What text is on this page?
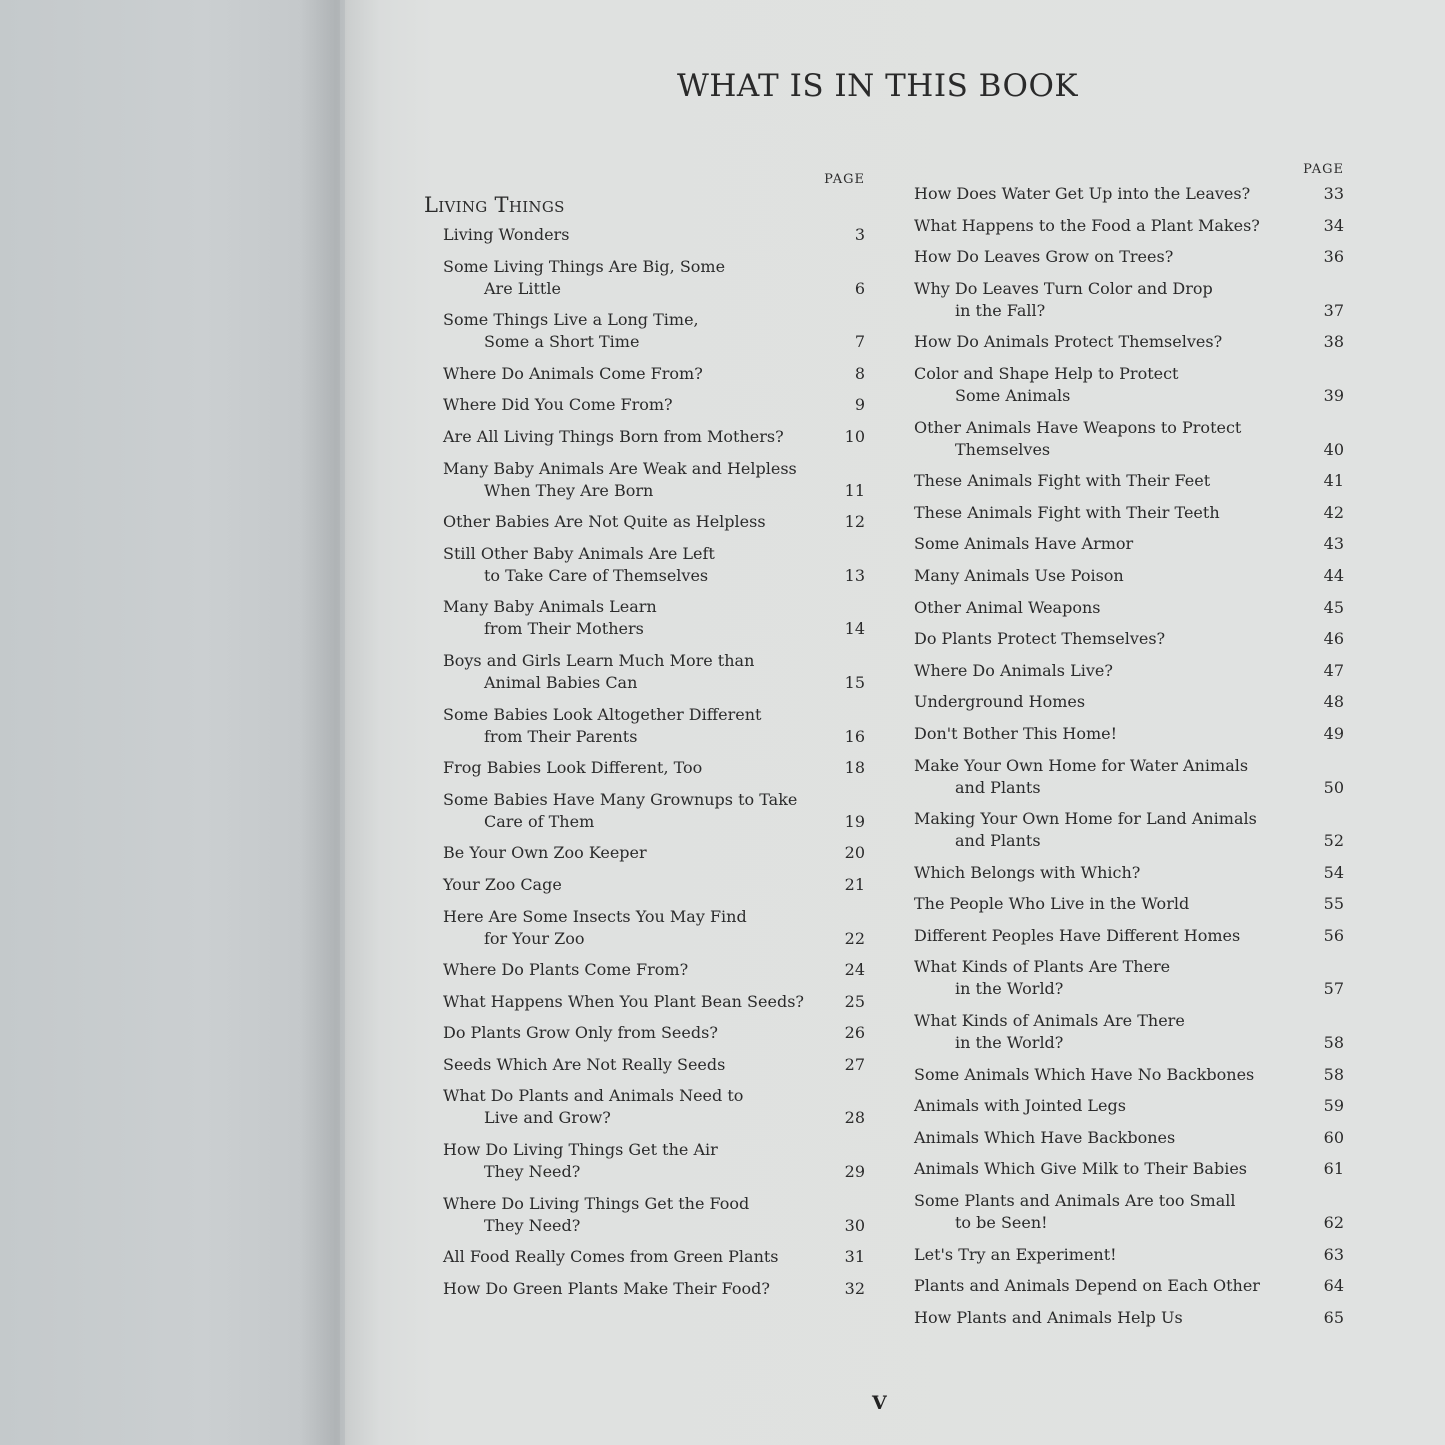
WHAT IS IN THIS BOOK
PAGE
Living Things
Living Wonders	3
Some Living Things Are Big, Some
Are Little	6
Some Things Live a Long Time,
Some a Short Time	7
Where Do Animals Come From?	8
Where Did You Come From?	9
Are All Living Things Born from Mothers?	10
Many Baby Animals Are Weak and Helpless
When They Are Born	11
Other Babies Are Not Quite as Helpless	12
Still Other Baby Animals Are Left
to Take Care of Themselves	13
Many Baby Animals Learn
from Their Mothers	14
Boys and Girls Learn Much More than
Animal Babies Can	15
Some Babies Look Altogether Different
from Their Parents	16
Frog Babies Look Different, Too	18
Some Babies Have Many Grownups to Take
Care of Them	19
Be Your Own Zoo Keeper	20
Your Zoo Cage	21
Here Are Some Insects You May Find
for Your Zoo	22
Where Do Plants Come From?	24
What Happens When You Plant Bean Seeds?	25
Do Plants Grow Only from Seeds?	26
Seeds Which Are Not Really Seeds	27
What Do Plants and Animals Need to
Live and Grow?	28
How Do Living Things Get the Air
They Need?	29
Where Do Living Things Get the Food
They Need?	30
All Food Really Comes from Green Plants	31
How Do Green Plants Make Their Food?	32
PAGE
How Does Water Get Up into the Leaves?	33
What Happens to the Food a Plant Makes?	34
How Do Leaves Grow on Trees?	36
Why Do Leaves Turn Color and Drop
in the Fall?	37
How Do Animals Protect Themselves?	38
Color and Shape Help to Protect
Some Animals	39
Other Animals Have Weapons to Protect
Themselves	40
These Animals Fight with Their Feet	41
These Animals Fight with Their Teeth	42
Some Animals Have Armor	43
Many Animals Use Poison	44
Other Animal Weapons	45
Do Plants Protect Themselves?	46
Where Do Animals Live?	47
Underground Homes	48
Don't Bother This Home!	49
Make Your Own Home for Water Animals
and Plants	50
Making Your Own Home for Land Animals
and Plants	52
Which Belongs with Which?	54
The People Who Live in the World	55
Different Peoples Have Different Homes	56
What Kinds of Plants Are There
in the World?	57
What Kinds of Animals Are There
in the World?	58
Some Animals Which Have No Backbones	58
Animals with Jointed Legs	59
Animals Which Have Backbones	60
Animals Which Give Milk to Their Babies	61
Some Plants and Animals Are too Small
to be Seen!	62
Let's Try an Experiment!	63
Plants and Animals Depend on Each Other	64
How Plants and Animals Help Us	65
V
